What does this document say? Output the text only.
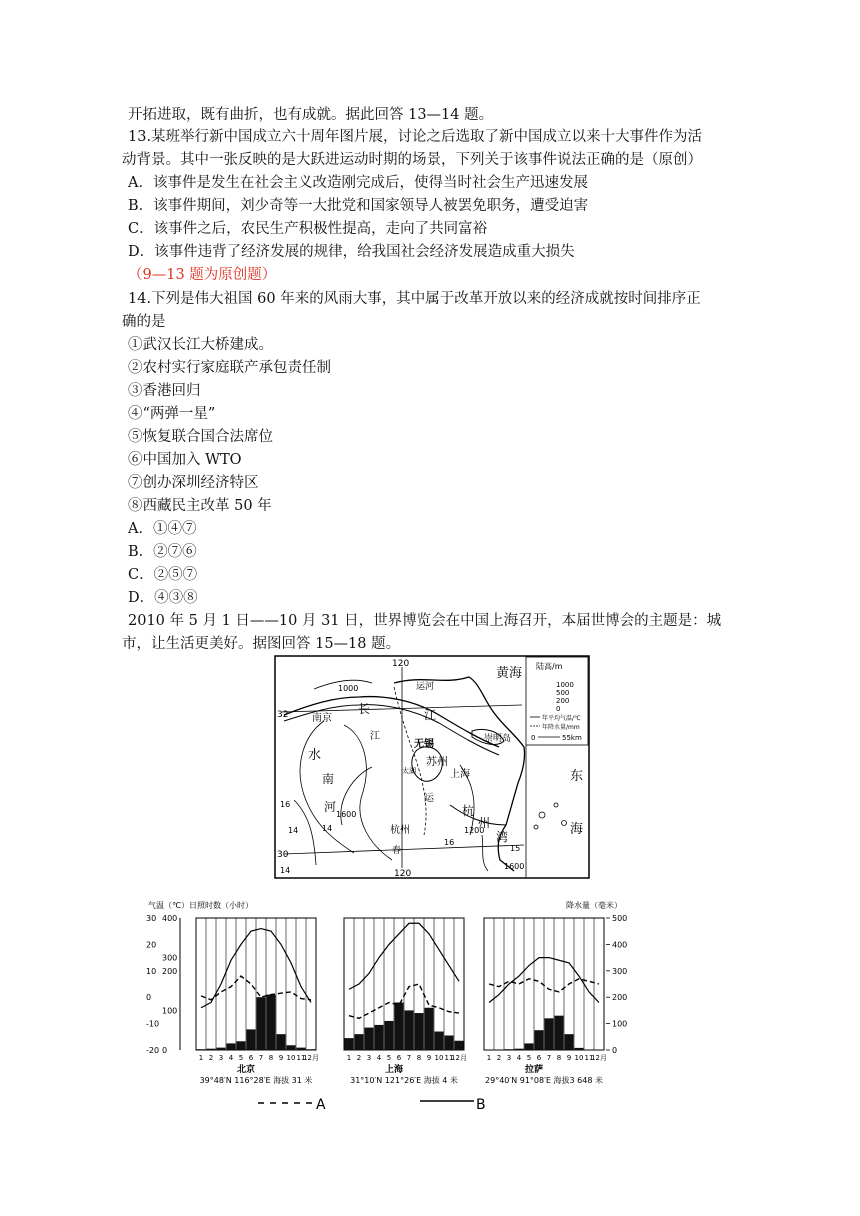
开拓进取，既有曲折，也有成就。据此回答 13—14 题。
13.某班举行新中国成立六十周年图片展，讨论之后选取了新中国成立以来十大事件作为活
动背景。其中一张反映的是大跃进运动时期的场景，下列关于该事件说法正确的是（原创）
A．该事件是发生在社会主义改造刚完成后，使得当时社会生产迅速发展
B．该事件期间，刘少奇等一大批党和国家领导人被罢免职务，遭受迫害
C．该事件之后，农民生产积极性提高，走向了共同富裕
D．该事件违背了经济发展的规律，给我国社会经济发展造成重大损失
（9—13 题为原创题）
14.下列是伟大祖国 60 年来的风雨大事，其中属于改革开放以来的经济成就按时间排序正
确的是
①武汉长江大桥建成。
②农村实行家庭联产承包责任制
③香港回归
④“两弹一星”
⑤恢复联合国合法席位
⑥中国加入 WTO
⑦创办深圳经济特区
⑧西藏民主改革 50 年
A．①④⑦
B．②⑦⑥
C．②⑤⑦
D．④③⑧
2010 年 5 月 1 日——10 月 31 日，世界博览会在中国上海召开，本届世博会的主题是：城
市，让生活更美好。据图回答 15—18 题。
黄海
东
海
南京
无锡
苏州
上海
杭州
太湖
崇明岛
江
江
长
运河
杭
州
湾
水
南
河
运
春
120
120
32
30
1000
16
14
1600
1200
16
1600
14
14
15
陆高/m
1000
500
200
0
年平均气温/℃
年降水量/mm
0	55km
气温（℃）日照时数（小时）	降水量（毫米）
30
20
10
0
-10
-20
400
300
200
100
0
500
400
300
200
100
0
1 2 3 4 5 6 7 8 9 10 11
12月
北京
39°48′N 116°28′E 海拔 31 米
1 2 3 4 5 6 7 8 9 10 11
12月
上海
31°10′N 121°26′E 海拔 4 米
1 2 3 4 5 6 7 8 9 10 11
12月
拉萨
29°40′N 91°08′E 海拔3 648 米
A	B
